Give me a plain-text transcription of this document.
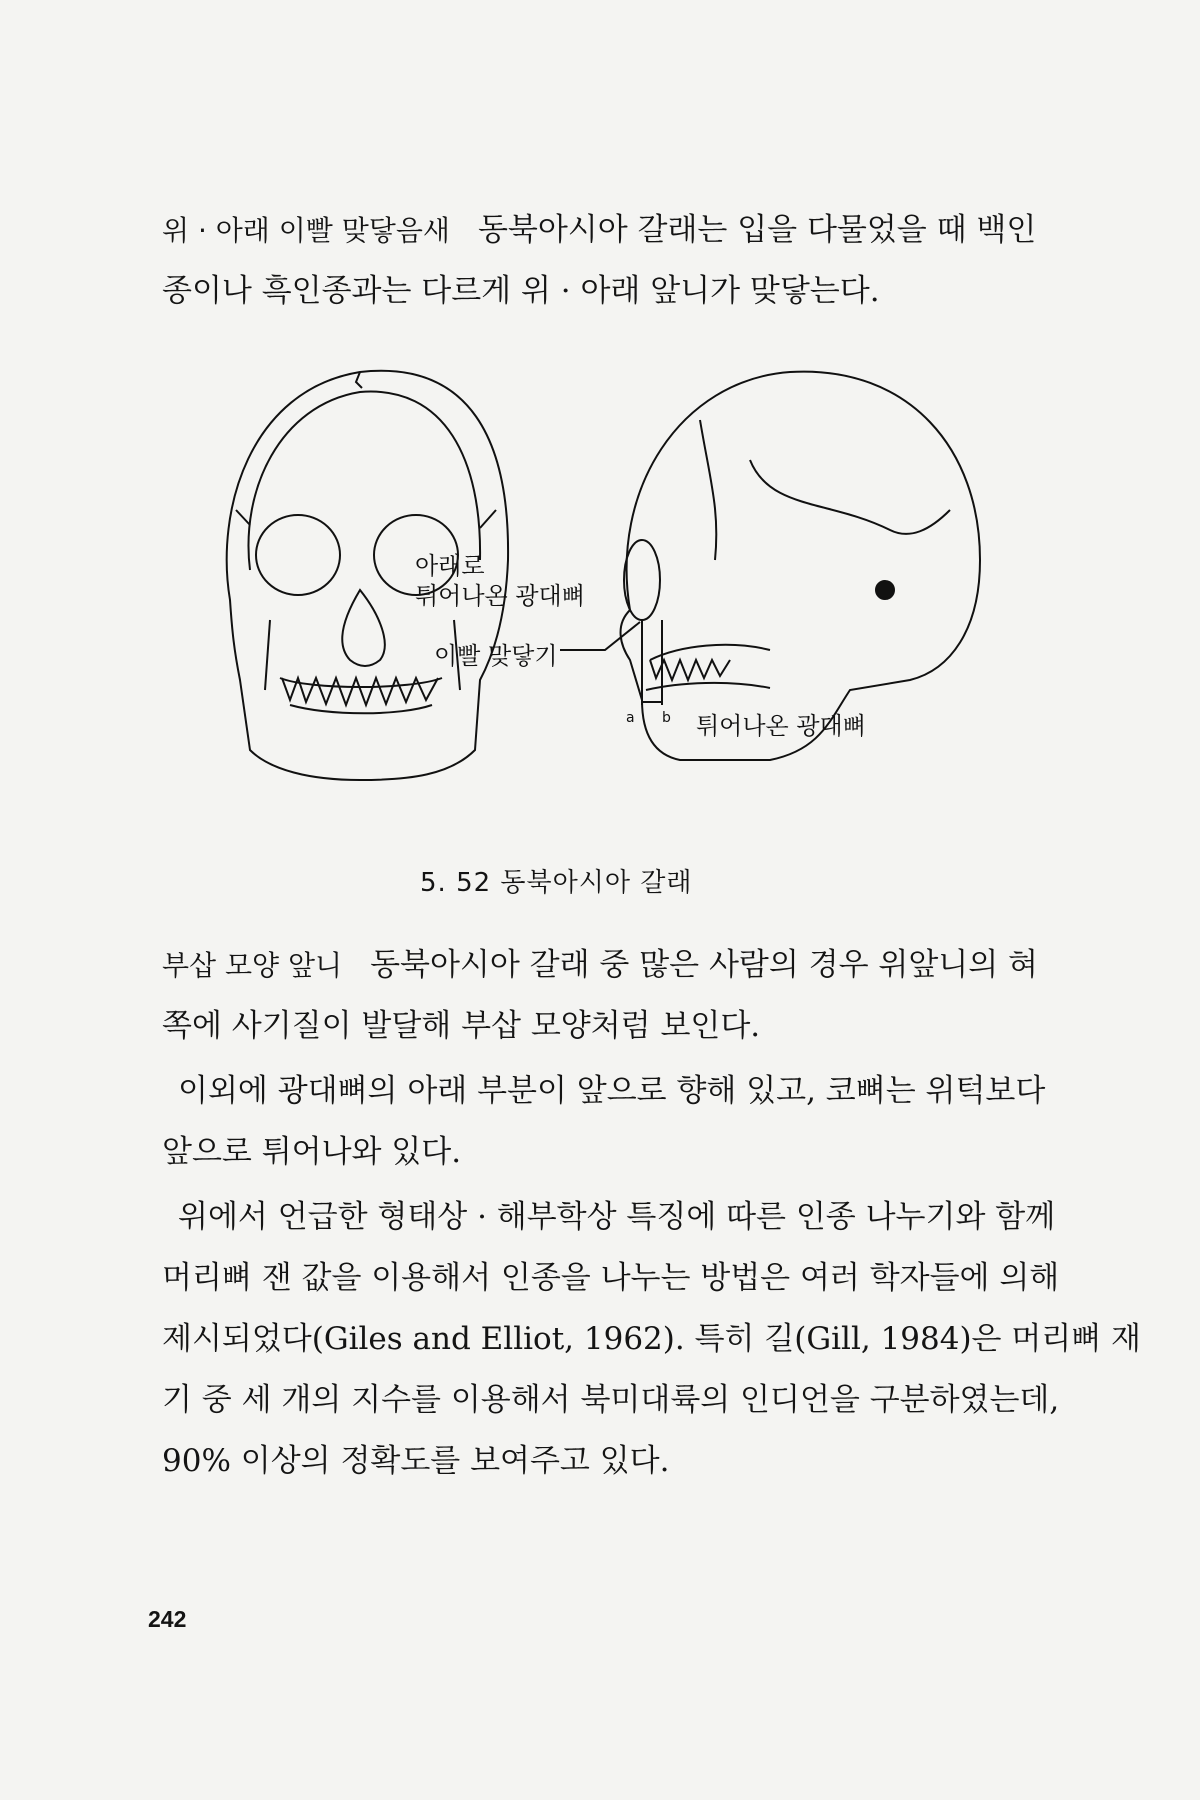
위 · 아래 이빨 맞닿음새 동북아시아 갈래는 입을 다물었을 때 백인
종이나 흑인종과는 다르게 위 · 아래 앞니가 맞닿는다.
아래로
튀어나온 광대뼈
이빨 맞닿기
a b 튀어나온 광대뼈
5. 52 동북아시아 갈래
부삽 모양 앞니 동북아시아 갈래 중 많은 사람의 경우 위앞니의 혀
쪽에 사기질이 발달해 부삽 모양처럼 보인다.
이외에 광대뼈의 아래 부분이 앞으로 향해 있고, 코뼈는 위턱보다
앞으로 튀어나와 있다.
위에서 언급한 형태상 · 해부학상 특징에 따른 인종 나누기와 함께
머리뼈 잰 값을 이용해서 인종을 나누는 방법은 여러 학자들에 의해
제시되었다(Giles and Elliot, 1962). 특히 길(Gill, 1984)은 머리뼈 재
기 중 세 개의 지수를 이용해서 북미대륙의 인디언을 구분하였는데,
90% 이상의 정확도를 보여주고 있다.
242
